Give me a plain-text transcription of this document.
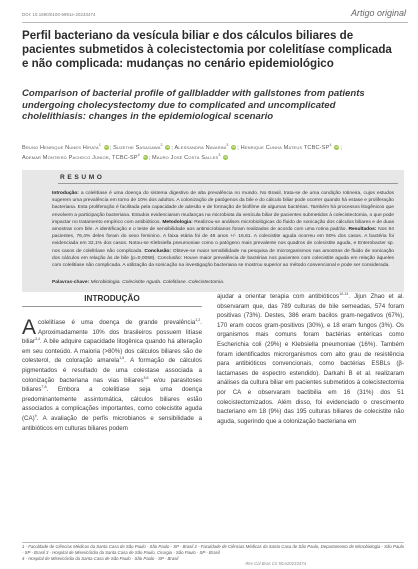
DOI: 10.1590/0100-6991e-20233474	Artigo original
Perfil bacteriano da vesícula biliar e dos cálculos biliares de pacientes submetidos à colecistectomia por colelitíase complicada e não complicada: mudanças no cenário epidemiológico
Comparison of bacterial profile of gallbladder with gallstones from patients undergoing cholecystectomy due to complicated and uncomplicated cholelithiasis: changes in the epidemiological scenario
Bruno Henrique Nunes Hirata$^1$ iD ; Suzethe Sasagawa$^2$ iD ; Alessandra Navarini$^3$ iD ; Henrique Cunha Mateus TCBC-$SP^4$ iD ;
Ademar Monteiro Pacheco Junior, TCBC-$SP^4$ iD ; Mauro José Costa Salles$^3$ iD
RESUMO

Introdução: a colelitíase é uma doença do sistema digestivo de alta prevalência no mundo. No Brasil, trata-se de uma condição rotineira, cujos estudos sugerem uma prevalência em torno de 10% dos adultos. A colonização de patógenos da bile e do cálculo biliar pode ocorrer quando há estase e proliferação bacteriana. Esta proliferação é facilitada pela capacidade de adesão e de formação de biofilme de algumas bactérias. Também há processos litogênicos que envolvem a participação bacteriana. Estudos evidenciaram mudanças na microbiota da vesícula biliar de pacientes submetidos à colecistectomia, o que pode impactar no tratamento empírico com antibióticos. Metodologia: Realizou-se análises microbiológicas do fluido de sonicação dos cálculos biliares e de duas amostras com bile. A identificação e o teste de sensibilidade aos antimicrobianos foram realizados de acordo com uma rotina padrão. Resultados: Nos 94 pacientes, 76,4% deles foram do sexo feminino. A faixa etária foi de 48 anos +/- 16,61. A colecistite aguda ocorreu em 50% dos casos. A bactéria foi evidenciada em 32,1% dos casos. Notou-se Klebsiella pneumoniae como o patógeno mais prevalente nos quadros de colecistite aguda, e Enterobacter sp. nos casos de colelitíase não complicada. Conclusão: Obteve-se maior sensibilidade na pesquisa de microrganismos nas amostras de fluido de sonicação dos cálculos em relação às de bile (p=0,0058). Conclusão: Houve maior prevalência de bactérias nos pacientes com colecistite aguda em relação àqueles com colelitíase não complicada. A utilização da sonicação na investigação bacteriana se mostrou superior ao método convencional e pode ser considerada.

Palavras-chave: Microbiologia. Colecistite Aguda. Colelitíase. Colecistectomia.

INTRODUÇÃO

A colelitíase é uma doença de grande prevalência$^{1,2}$. Aproximadamente 10% dos brasileiros possuem litíase biliar$^{3,4}$. A bile adquire capacidade litogênica quando há alteração em seu conteúdo. A maioria (>80%) dos cálculos biliares são de colesterol, de coloração amarela$^{1,5}$. A formação de cálculos pigmentados é resultado de uma colestase associada a colonização bacteriana nas vias biliares$^{5,6}$ e/ou parasitoses biliares$^{7,8}$. Embora a colelitíase seja uma doença predominantemente assintomática, cálculos biliares estão associados a complicações importantes, como colecistite aguda (CA)$^9$. A avaliação de perfis microbianos e sensibilidade a antibióticos em culturas biliares podem

ajudar a orientar terapia com antibióticos$^{10-13}$. Jijun Zhao et al. observaram que, das 789 culturas de bile semeadas, 574 foram positivas (73%). Destes, 386 eram bacilos gram-negativos (67%), 170 eram cocos gram-positivos (30%), e 18 eram fungos (3%). Os organismos mais comuns foram bactérias entéricas como Escherichia coli (29%) e Klebsiella pneumoniae (16%). Também foram identificados microrganismos com alto grau de resistência para antibióticos convencionais, como bactérias ESBLs (β-lactamases de espectro estendido). Darkahi B et al. realizaram análises da cultura biliar em pacientes submetidos à colecistectomia por CA e observaram bactibilia em 16 (31%) dos 51 colecistectomizados. Além disso, foi evidenciado o crescimento bacteriano em 18 (9%) das 195 culturas biliares de colecistite não aguda, sugerindo que a colonização bacteriana em

1 - Faculdade de Ciências Médicas da Santa Casa de São Paulo - São Paulo - SP - Brasil 2 - Faculdade de Ciências Médicas da Santa Casa de São Paulo, Departamento de Microbiologia - São Paulo - SP - Brasil 3 - Hospital de Misericórdia da Santa Casa de São Paulo, Cirurgia - São Paulo - SP - Brasil
4 - Hospital de Misericórdia da Santa Casa de São Paulo - São Paulo - SP - Brasil

Rev Col Bras Cir 50:e20233474
